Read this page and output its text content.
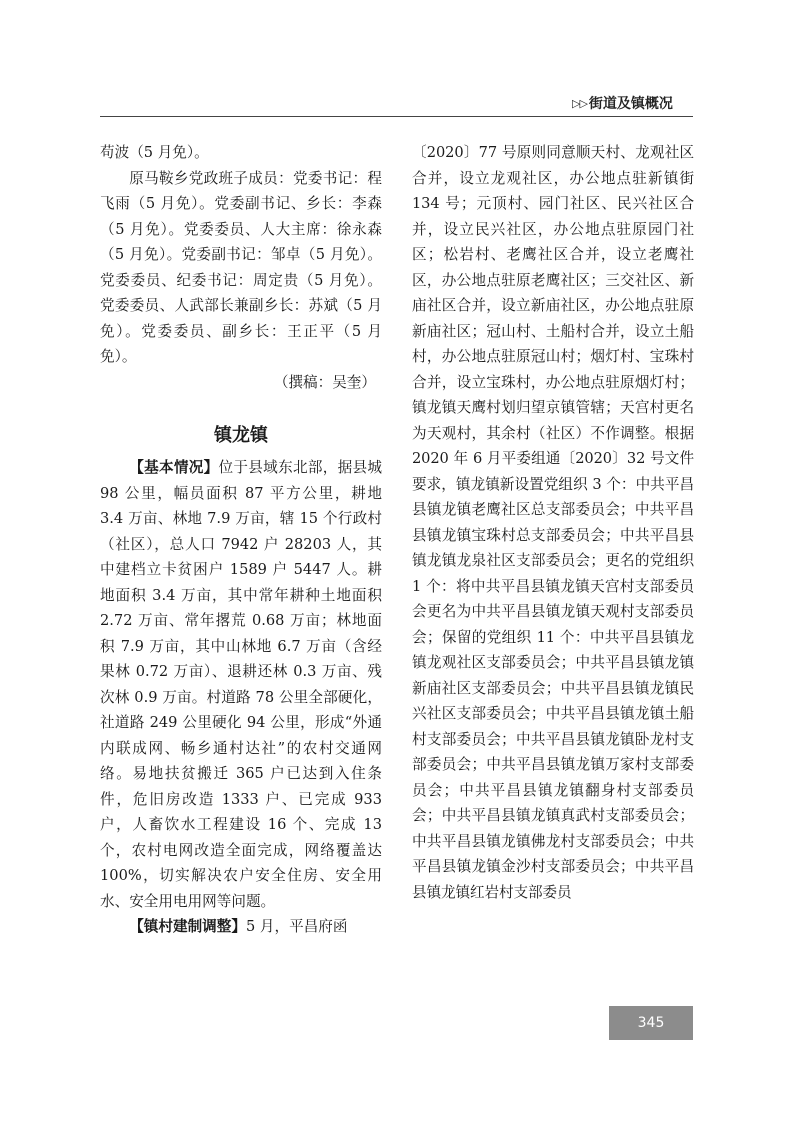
▷▷ 街道及镇概况

苟波（5 月免）。

原马鞍乡党政班子成员：党委书记：程飞雨（5 月免）。党委副书记、乡长：李森（5 月免）。党委委员、人大主席：徐永森（5 月免）。党委副书记：邹卓（5 月免）。党委委员、纪委书记：周定贵（5 月免）。党委委员、人武部长兼副乡长：苏斌（5 月免）。党委委员、副乡长：王正平（5 月免）。

（撰稿：吴奎）

镇龙镇

【基本情况】位于县域东北部，据县城 98 公里，幅员面积 87 平方公里，耕地 3.4 万亩、林地 7.9 万亩，辖 15 个行政村（社区），总人口 7942 户 28203 人，其中建档立卡贫困户 1589 户 5447 人。耕地面积 3.4 万亩，其中常年耕种土地面积 2.72 万亩、常年撂荒 0.68 万亩；林地面积 7.9 万亩，其中山林地 6.7 万亩（含经果林 0.72 万亩）、退耕还林 0.3 万亩、残次林 0.9 万亩。村道路 78 公里全部硬化，社道路 249 公里硬化 94 公里，形成“外通内联成网、畅乡通村达社”的农村交通网络。易地扶贫搬迁 365 户已达到入住条件，危旧房改造 1333 户、已完成 933 户，人畜饮水工程建设 16 个、完成 13 个，农村电网改造全面完成，网络覆盖达 100%，切实解决农户安全住房、安全用水、安全用电用网等问题。

【镇村建制调整】5 月，平昌府函

〔2020〕77 号原则同意顺天村、龙观社区合并，设立龙观社区，办公地点驻新镇街 134 号；元顶村、园门社区、民兴社区合并，设立民兴社区，办公地点驻原园门社区；松岩村、老鹰社区合并，设立老鹰社区，办公地点驻原老鹰社区；三交社区、新庙社区合并，设立新庙社区，办公地点驻原新庙社区；冠山村、土船村合并，设立土船村，办公地点驻原冠山村；烟灯村、宝珠村合并，设立宝珠村，办公地点驻原烟灯村；镇龙镇天鹰村划归望京镇管辖；天宫村更名为天观村，其余村（社区）不作调整。根据 2020 年 6 月平委组通〔2020〕32 号文件要求，镇龙镇新设置党组织 3 个：中共平昌县镇龙镇老鹰社区总支部委员会；中共平昌县镇龙镇宝珠村总支部委员会；中共平昌县镇龙镇龙泉社区支部委员会；更名的党组织 1 个：将中共平昌县镇龙镇天宫村支部委员会更名为中共平昌县镇龙镇天观村支部委员会；保留的党组织 11 个：中共平昌县镇龙镇龙观社区支部委员会；中共平昌县镇龙镇新庙社区支部委员会；中共平昌县镇龙镇民兴社区支部委员会；中共平昌县镇龙镇土船村支部委员会；中共平昌县镇龙镇卧龙村支部委员会；中共平昌县镇龙镇万家村支部委员会；中共平昌县镇龙镇翻身村支部委员会；中共平昌县镇龙镇真武村支部委员会；中共平昌县镇龙镇佛龙村支部委员会；中共平昌县镇龙镇金沙村支部委员会；中共平昌县镇龙镇红岩村支部委员

345
